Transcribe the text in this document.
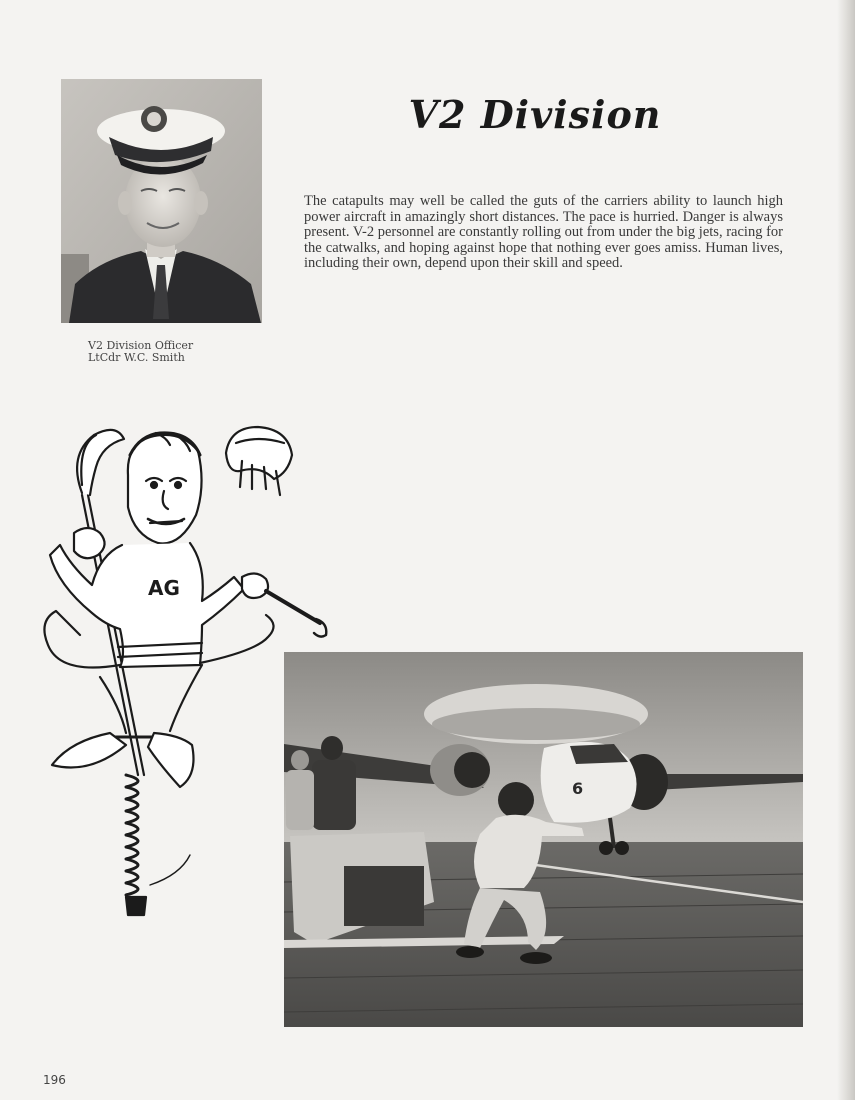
V2 Division Officer
LtCdr W.C. Smith
V2 Division
The catapults may well be called the guts of the carriers ability to launch high power aircraft in amazingly short distances. The pace is hurried. Danger is always present. V-2 personnel are constantly rolling out from under the big jets, racing for the catwalks, and hoping against hope that nothing ever goes amiss. Human lives, including their own, depend upon their skill and speed.
AG
6
196
